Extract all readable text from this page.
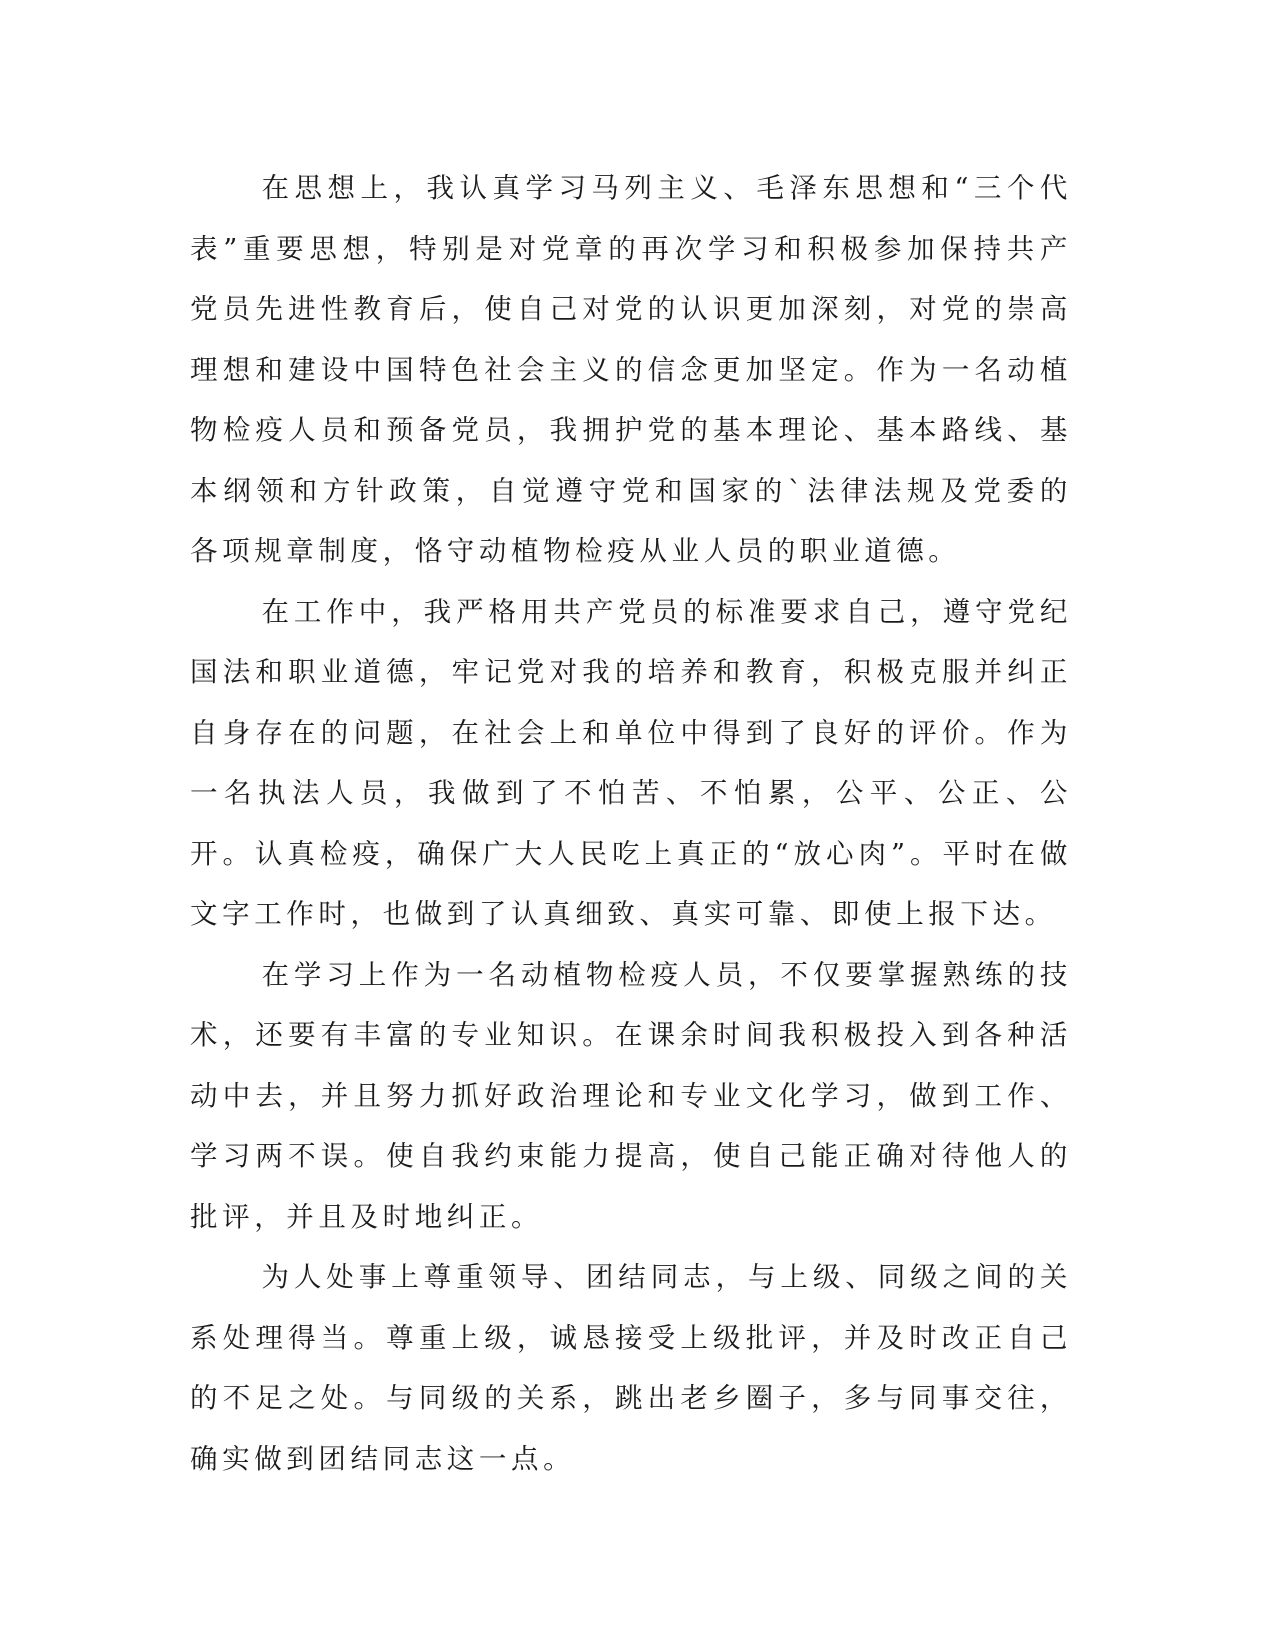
在思想上，我认真学习马列主义、毛泽东思想和“三个代表”重要思想，特别是对党章的再次学习和积极参加保持共产党员先进性教育后，使自己对党的认识更加深刻，对党的崇高理想和建设中国特色社会主义的信念更加坚定。作为一名动植物检疫人员和预备党员，我拥护党的基本理论、基本路线、基本纲领和方针政策，自觉遵守党和国家的`法律法规及党委的各项规章制度，恪守动植物检疫从业人员的职业道德。

在工作中，我严格用共产党员的标准要求自己，遵守党纪国法和职业道德，牢记党对我的培养和教育，积极克服并纠正自身存在的问题，在社会上和单位中得到了良好的评价。作为一名执法人员，我做到了不怕苦、不怕累，公平、公正、公开。认真检疫，确保广大人民吃上真正的“放心肉”。平时在做文字工作时，也做到了认真细致、真实可靠、即使上报下达。

在学习上作为一名动植物检疫人员，不仅要掌握熟练的技术，还要有丰富的专业知识。在课余时间我积极投入到各种活动中去，并且努力抓好政治理论和专业文化学习，做到工作、学习两不误。使自我约束能力提高，使自己能正确对待他人的批评，并且及时地纠正。

为人处事上尊重领导、团结同志，与上级、同级之间的关系处理得当。尊重上级，诚恳接受上级批评，并及时改正自己的不足之处。与同级的关系，跳出老乡圈子，多与同事交往，确实做到团结同志这一点。
